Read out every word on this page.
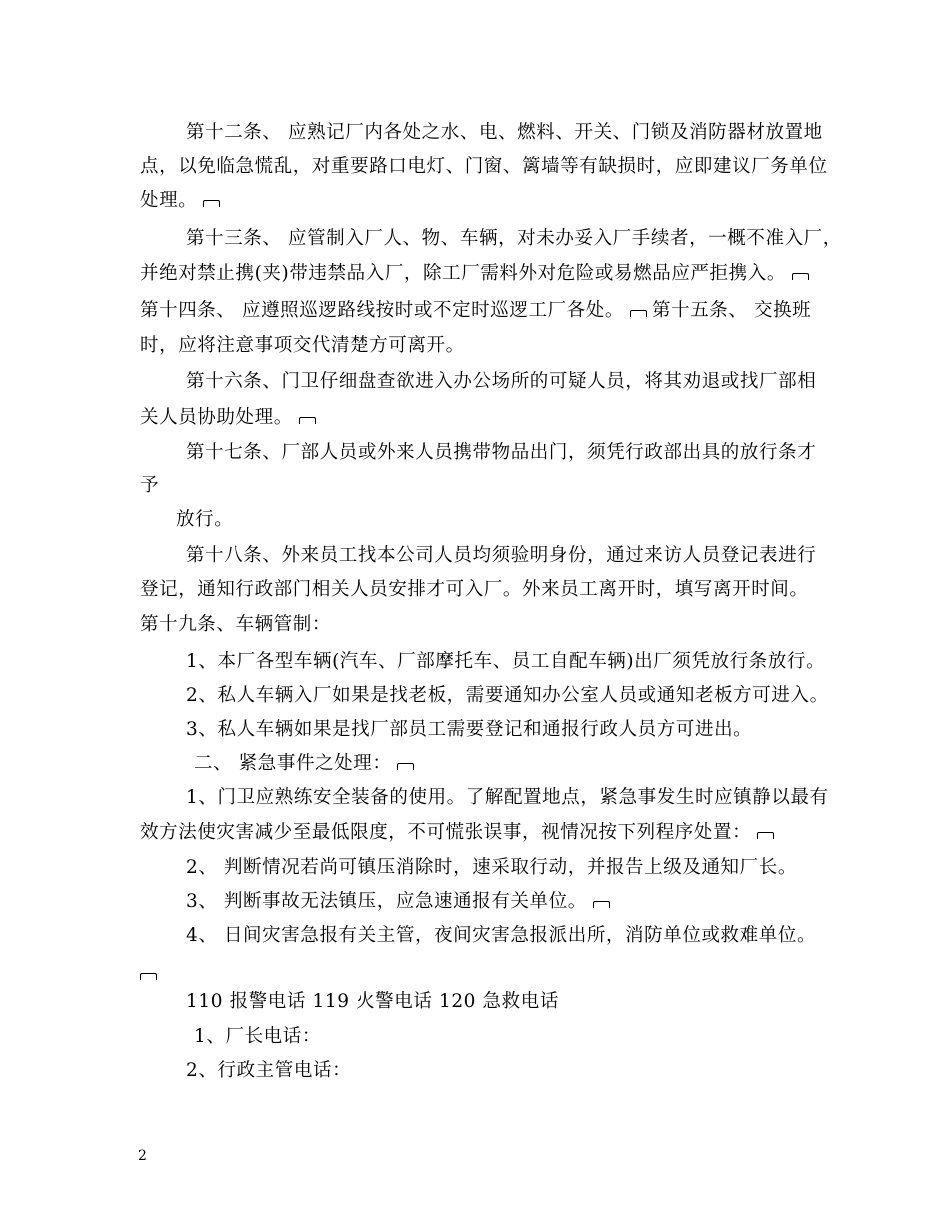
第十二条、 应熟记厂内各处之水、电、燃料、开关、门锁及消防器材放置地
点，以免临急慌乱，对重要路口电灯、门窗、篱墙等有缺损时，应即建议厂务单位
处理。
第十三条、 应管制入厂人、物、车辆，对未办妥入厂手续者，一概不准入厂，
并绝对禁止携(夹)带违禁品入厂，除工厂需料外对危险或易燃品应严拒携入。
第十四条、 应遵照巡逻路线按时或不定时巡逻工厂各处。	第十五条、 交换班
时，应将注意事项交代清楚方可离开。
第十六条、门卫仔细盘查欲进入办公场所的可疑人员，将其劝退或找厂部相
关人员协助处理。
第十七条、厂部人员或外来人员携带物品出门，须凭行政部出具的放行条才
予
放行。
第十八条、外来员工找本公司人员均须验明身份，通过来访人员登记表进行
登记，通知行政部门相关人员安排才可入厂。外来员工离开时，填写离开时间。
第十九条、车辆管制：
1、本厂各型车辆(汽车、厂部摩托车、员工自配车辆)出厂须凭放行条放行。
2、私人车辆入厂如果是找老板，需要通知办公室人员或通知老板方可进入。
3、私人车辆如果是找厂部员工需要登记和通报行政人员方可进出。
二、 紧急事件之处理：
1、门卫应熟练安全装备的使用。了解配置地点，紧急事发生时应镇静以最有
效方法使灾害减少至最低限度，不可慌张误事，视情况按下列程序处置：
2、 判断情况若尚可镇压消除时，速采取行动，并报告上级及通知厂长。
3、 判断事故无法镇压，应急速通报有关单位。
4、 日间灾害急报有关主管，夜间灾害急报派出所，消防单位或救难单位。
110 报警电话 119 火警电话 120 急救电话
1、厂长电话：
2、行政主管电话：
2
